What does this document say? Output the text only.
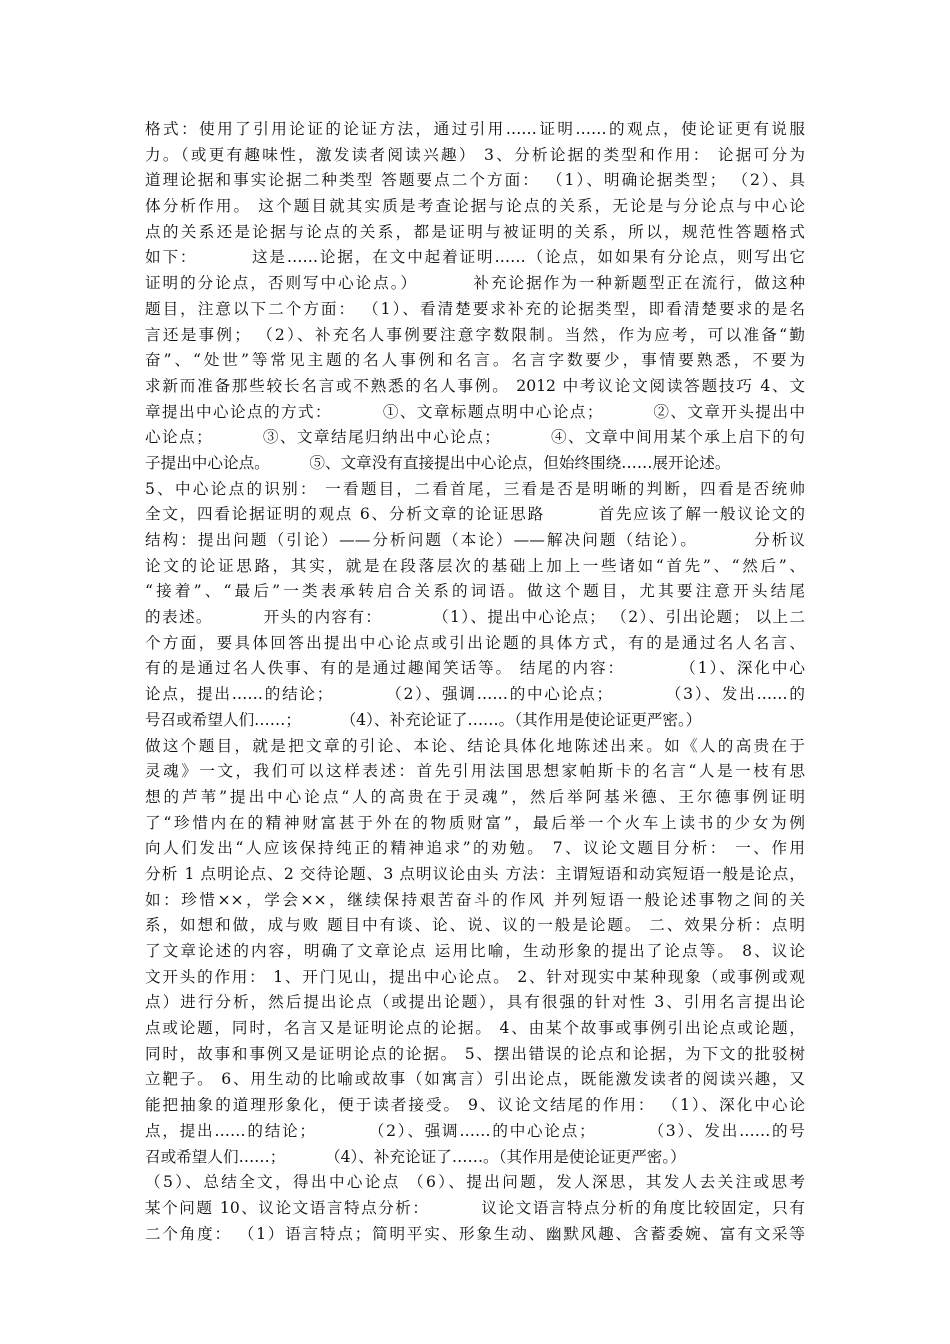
格式：使用了引用论证的论证方法，通过引用……证明……的观点，使论证更有说服
力。（或更有趣味性，激发读者阅读兴趣） 3、分析论据的类型和作用： 论据可分为
道理论据和事实论据二种类型 答题要点二个方面： （1）、明确论据类型； （2）、具
体分析作用。 这个题目就其实质是考查论据与论点的关系，无论是与分论点与中心论
点的关系还是论据与论点的关系，都是证明与被证明的关系，所以，规范性答题格式
如下：        这是……论据，在文中起着证明……（论点，如如果有分论点，则写出它
证明的分论点，否则写中心论点。）        补充论据作为一种新题型正在流行，做这种
题目，注意以下二个方面： （1）、看清楚要求补充的论据类型，即看清楚要求的是名
言还是事例； （2）、补充名人事例要注意字数限制。当然，作为应考，可以准备“勤
奋”、“处世”等常见主题的名人事例和名言。名言字数要少，事情要熟悉，不要为
求新而准备那些较长名言或不熟悉的名人事例。 2012 中考议论文阅读答题技巧 4、文
章提出中心论点的方式：        ①、文章标题点明中心论点；        ②、文章开头提出中
心论点；        ③、文章结尾归纳出中心论点；        ④、文章中间用某个承上启下的句
子提出中心论点。        ⑤、文章没有直接提出中心论点，但始终围绕……展开论述。
5、中心论点的识别： 一看题目，二看首尾，三看是否是明晰的判断，四看是否统帅
全文，四看论据证明的观点 6、分析文章的论证思路        首先应该了解一般议论文的
结构：提出问题（引论）——分析问题（本论）——解决问题（结论）。        分析议
论文的论证思路，其实，就是在段落层次的基础上加上一些诸如“首先”、“然后”、
“接着”、“最后”一类表承转启合关系的词语。做这个题目，尤其要注意开头结尾
的表述。        开头的内容有：        （1）、提出中心论点； （2）、引出论题； 以上二
个方面，要具体回答出提出中心论点或引出论题的具体方式，有的是通过名人名言、
有的是通过名人佚事、有的是通过趣闻笑话等。 结尾的内容：        （1）、深化中心
论点，提出……的结论；        （2）、强调……的中心论点；        （3）、发出……的
号召或希望人们……；        （4）、补充论证了……。（其作用是使论证更严密。）
做这个题目，就是把文章的引论、本论、结论具体化地陈述出来。如《人的高贵在于
灵魂》一文，我们可以这样表述：首先引用法国思想家帕斯卡的名言“人是一枝有思
想的芦苇”提出中心论点“人的高贵在于灵魂”，然后举阿基米德、王尔德事例证明
了“珍惜内在的精神财富甚于外在的物质财富”，最后举一个火车上读书的少女为例
向人们发出“人应该保持纯正的精神追求”的劝勉。 7、议论文题目分析： 一、作用
分析 1 点明论点、2 交待论题、3 点明议论由头 方法：主谓短语和动宾短语一般是论点，
如：珍惜××，学会××，继续保持艰苦奋斗的作风 并列短语一般论述事物之间的关
系，如想和做，成与败 题目中有谈、论、说、议的一般是论题。 二、效果分析：点明
了文章论述的内容，明确了文章论点 运用比喻，生动形象的提出了论点等。 8、议论
文开头的作用： 1、开门见山，提出中心论点。 2、针对现实中某种现象（或事例或观
点）进行分析，然后提出论点（或提出论题），具有很强的针对性 3、引用名言提出论
点或论题，同时，名言又是证明论点的论据。 4、由某个故事或事例引出论点或论题，
同时，故事和事例又是证明论点的论据。 5、摆出错误的论点和论据，为下文的批驳树
立靶子。 6、用生动的比喻或故事（如寓言）引出论点，既能激发读者的阅读兴趣，又
能把抽象的道理形象化，便于读者接受。 9、议论文结尾的作用： （1）、深化中心论
点，提出……的结论；        （2）、强调……的中心论点；        （3）、发出……的号
召或希望人们……；        （4）、补充论证了……。（其作用是使论证更严密。）
（5）、总结全文，得出中心论点 （6）、提出问题，发人深思，其发人去关注或思考
某个问题 10、议论文语言特点分析：        议论文语言特点分析的角度比较固定，只有
二个角度： （1）语言特点；简明平实、形象生动、幽默风趣、含蓄委婉、富有文采等
